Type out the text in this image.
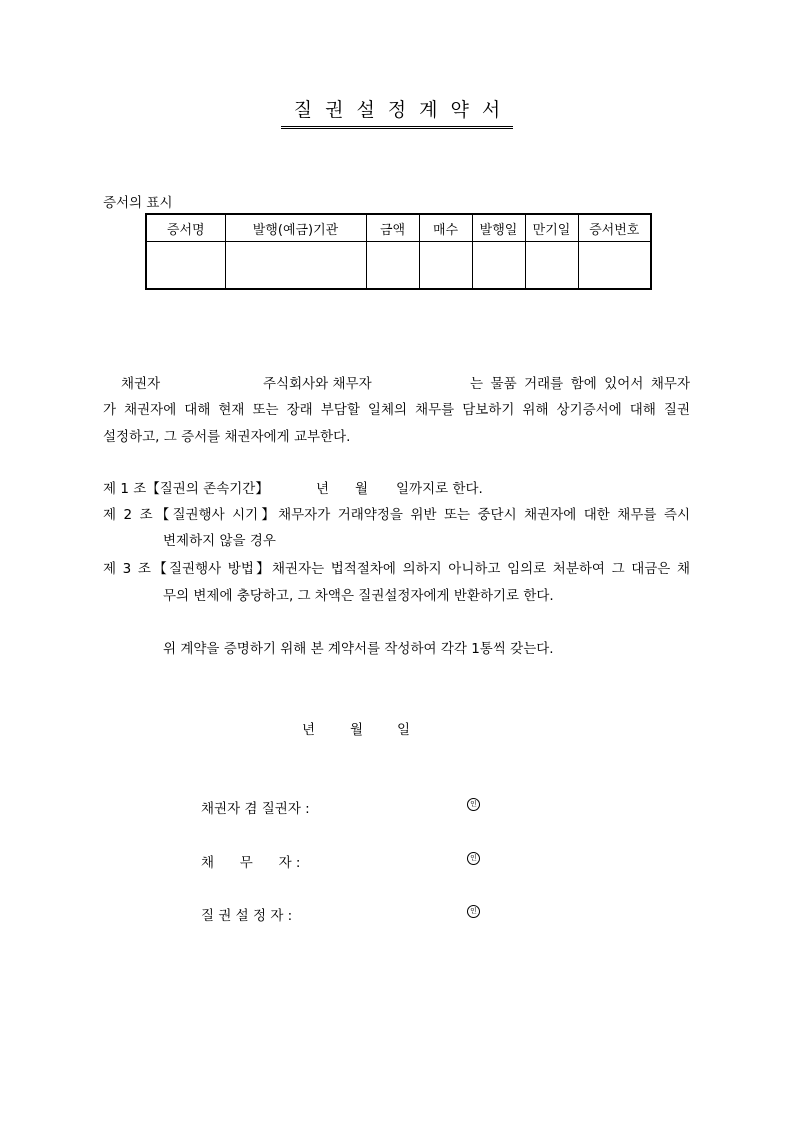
질권설정계약서
증서의 표시
증서명	발행(예금)기관	금액	매수	발행일	만기일	증서번호

채권자	주식회사와 채무자	는 물품 거래를 함에 있어서 채무자
가 채권자에 대해 현재 또는 장래 부담할 일체의 채무를 담보하기 위해 상기증서에 대해 질권
설정하고, 그 증서를 채권자에게 교부한다.
제 1 조【질권의 존속기간】	년 월 일까지로 한다.
제 2 조【질권행사 시기】채무자가 거래약정을 위반 또는 중단시 채권자에 대한 채무를 즉시
변제하지 않을 경우
제 3 조【질권행사 방법】채권자는 법적절차에 의하지 아니하고 임의로 처분하여 그 대금은 채
무의 변제에 충당하고, 그 차액은 질권설정자에게 반환하기로 한다.
위 계약을 증명하기 위해 본 계약서를 작성하여 각각 1통씩 갖는다.
년	월	일
채권자 겸 질권자 :	인
채      무      자 :	인
질 권 설 정 자 :	인
